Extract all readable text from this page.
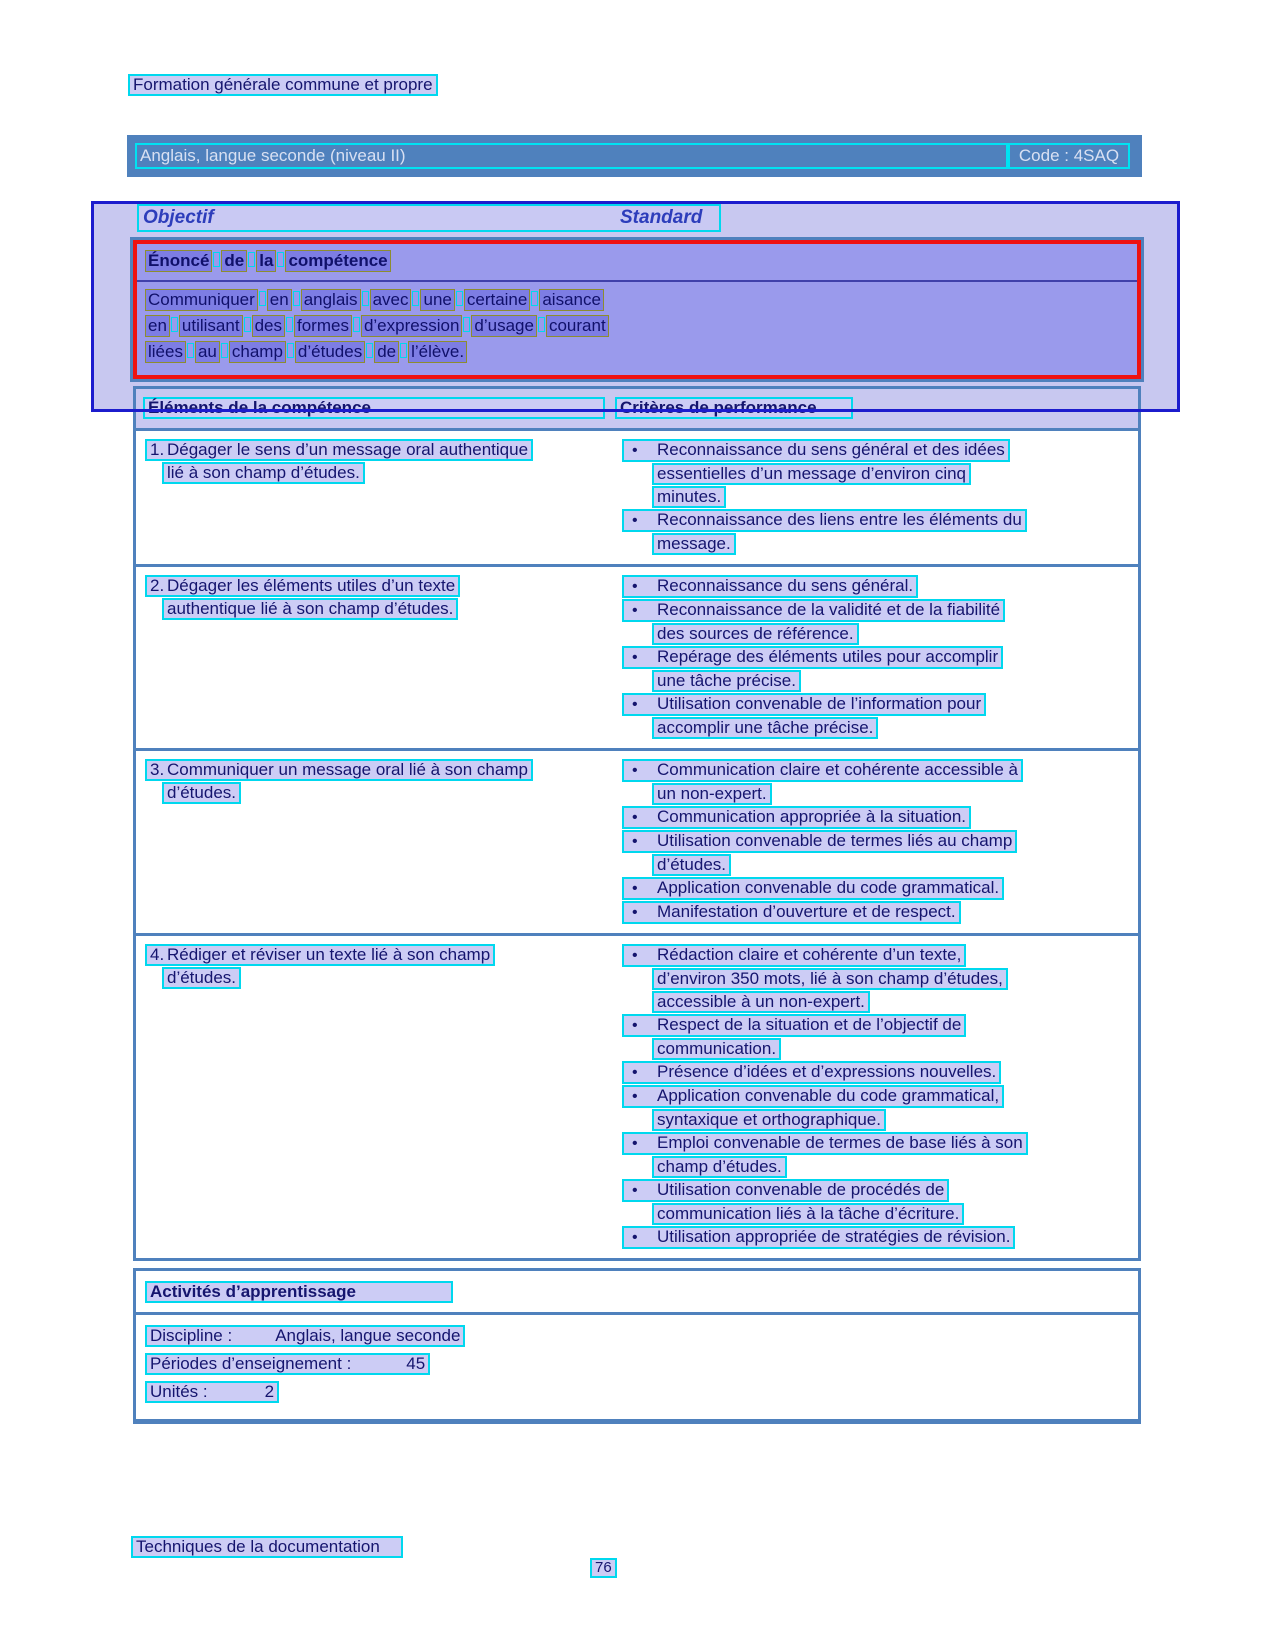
Formation générale commune et propre
Anglais, langue seconde (niveau II)	Code : 4SAQ
Objectif	Standard
Énoncé de la compétence
Communiquer en anglais avec une certaine aisance
en utilisant des formes d’expression d’usage courant
liées au champ d’études de l’élève.
Éléments de la compétence	Critères de performance
1. Dégager le sens d’un message oral authentique
lié à son champ d’études.
• Reconnaissance du sens général et des idées
essentielles d’un message d’environ cinq
minutes.
• Reconnaissance des liens entre les éléments du
message.
2. Dégager les éléments utiles d’un texte
authentique lié à son champ d’études.
• Reconnaissance du sens général.
• Reconnaissance de la validité et de la fiabilité
des sources de référence.
• Repérage des éléments utiles pour accomplir
une tâche précise.
• Utilisation convenable de l’information pour
accomplir une tâche précise.
3. Communiquer un message oral lié à son champ
d’études.
• Communication claire et cohérente accessible à
un non-expert.
• Communication appropriée à la situation.
• Utilisation convenable de termes liés au champ
d’études.
• Application convenable du code grammatical.
• Manifestation d’ouverture et de respect.
4. Rédiger et réviser un texte lié à son champ
d’études.
• Rédaction claire et cohérente d’un texte,
d’environ 350 mots, lié à son champ d’études,
accessible à un non-expert.
• Respect de la situation et de l’objectif de
communication.
• Présence d’idées et d’expressions nouvelles.
• Application convenable du code grammatical,
syntaxique et orthographique.
• Emploi convenable de termes de base liés à son
champ d’études.
• Utilisation convenable de procédés de
communication liés à la tâche d’écriture.
• Utilisation appropriée de stratégies de révision.
Activités d’apprentissage
Discipline :	Anglais, langue seconde
Périodes d’enseignement :	45
Unités :	2
Techniques de la documentation
76
